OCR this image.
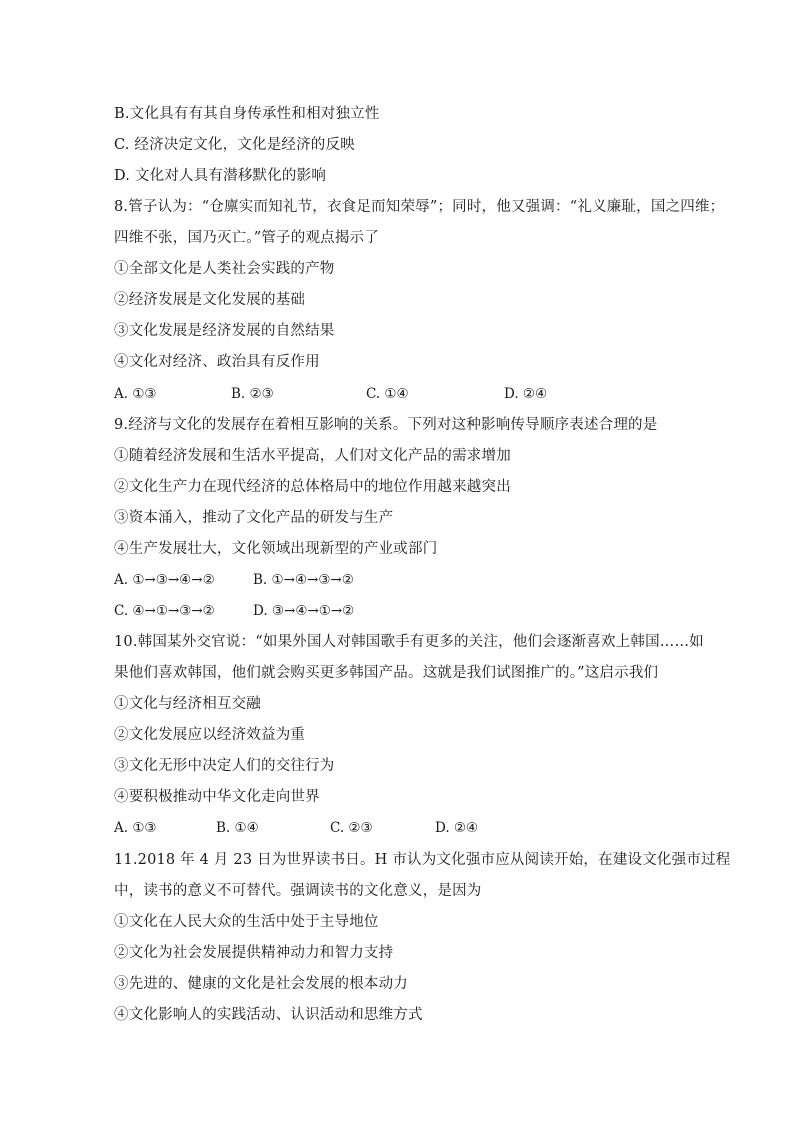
B.文化具有有其自身传承性和相对独立性
C. 经济决定文化，文化是经济的反映
D. 文化对人具有潜移默化的影响
8.管子认为：“仓廪实而知礼节，衣食足而知荣辱”；同时，他又强调：“礼义廉耻，国之四维；
四维不张，国乃灭亡。”管子的观点揭示了
①全部文化是人类社会实践的产物
②经济发展是文化发展的基础
③文化发展是经济发展的自然结果
④文化对经济、政治具有反作用
A. ①③	B. ②③	C. ①④	D. ②④
9.经济与文化的发展存在着相互影响的关系。下列对这种影响传导顺序表述合理的是
①随着经济发展和生活水平提高，人们对文化产品的需求增加
②文化生产力在现代经济的总体格局中的地位作用越来越突出
③资本涌入，推动了文化产品的研发与生产
④生产发展壮大，文化领域出现新型的产业或部门
A. ①→③→④→②	B. ①→④→③→②
C. ④→①→③→②	D. ③→④→①→②
10.韩国某外交官说：“如果外国人对韩国歌手有更多的关注，他们会逐渐喜欢上韩国……如
果他们喜欢韩国，他们就会购买更多韩国产品。这就是我们试图推广的。”这启示我们
①文化与经济相互交融
②文化发展应以经济效益为重
③文化无形中决定人们的交往行为
④要积极推动中华文化走向世界
A. ①③	B. ①④	C. ②③	D. ②④
11.2018 年 4 月 23 日为世界读书日。H 市认为文化强市应从阅读开始，在建设文化强市过程
中，读书的意义不可替代。强调读书的文化意义，是因为
①文化在人民大众的生活中处于主导地位
②文化为社会发展提供精神动力和智力支持
③先进的、健康的文化是社会发展的根本动力
④文化影响人的实践活动、认识活动和思维方式
